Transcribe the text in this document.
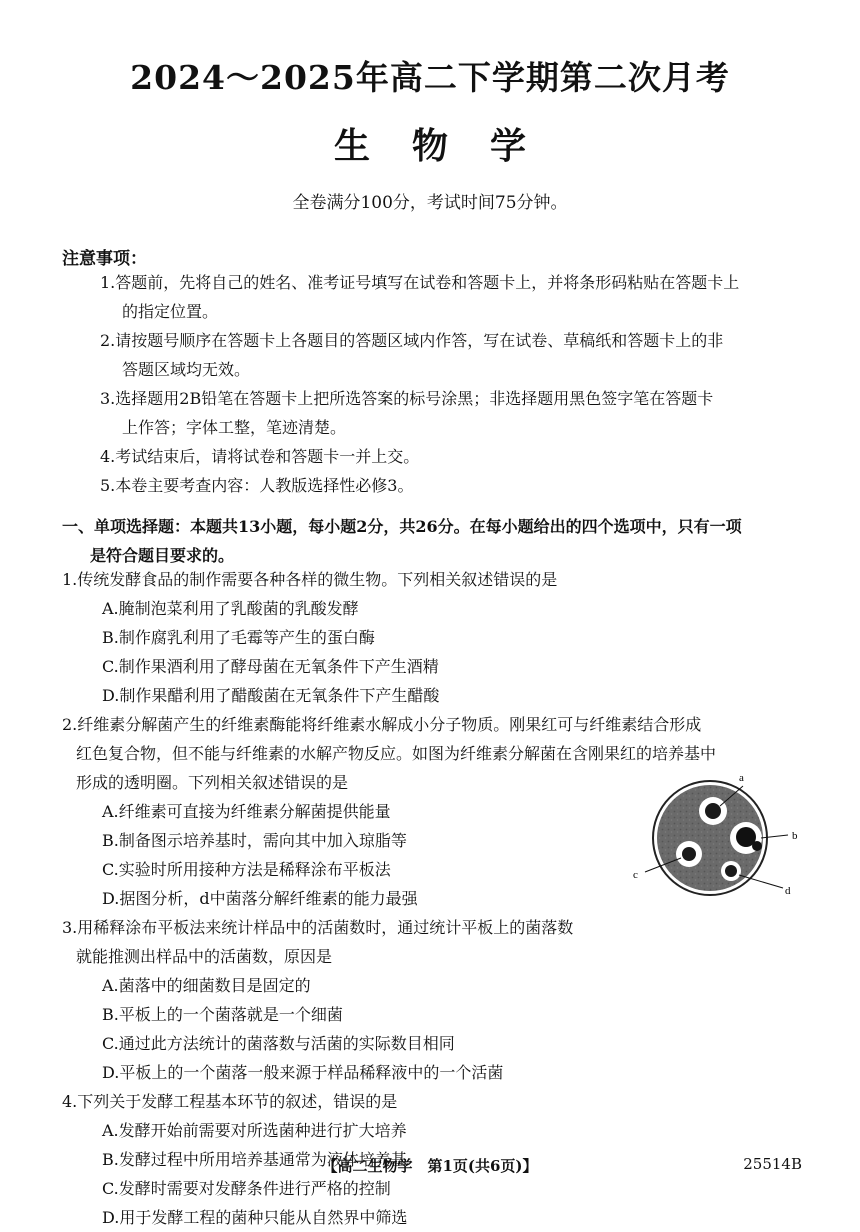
2024～2025年高二下学期第二次月考
生物学
全卷满分100分，考试时间75分钟。
注意事项：
1.答题前，先将自己的姓名、准考证号填写在试卷和答题卡上，并将条形码粘贴在答题卡上
的指定位置。
2.请按题号顺序在答题卡上各题目的答题区域内作答，写在试卷、草稿纸和答题卡上的非
答题区域均无效。
3.选择题用2B铅笔在答题卡上把所选答案的标号涂黑；非选择题用黑色签字笔在答题卡
上作答；字体工整，笔迹清楚。
4.考试结束后，请将试卷和答题卡一并上交。
5.本卷主要考查内容：人教版选择性必修3。
一、单项选择题：本题共13小题，每小题2分，共26分。在每小题给出的四个选项中，只有一项
是符合题目要求的。
1.传统发酵食品的制作需要各种各样的微生物。下列相关叙述错误的是
A.腌制泡菜利用了乳酸菌的乳酸发酵
B.制作腐乳利用了毛霉等产生的蛋白酶
C.制作果酒利用了酵母菌在无氧条件下产生酒精
D.制作果醋利用了醋酸菌在无氧条件下产生醋酸
2.纤维素分解菌产生的纤维素酶能将纤维素水解成小分子物质。刚果红可与纤维素结合形成
红色复合物，但不能与纤维素的水解产物反应。如图为纤维素分解菌在含刚果红的培养基中
形成的透明圈。下列相关叙述错误的是
A.纤维素可直接为纤维素分解菌提供能量
B.制备图示培养基时，需向其中加入琼脂等
C.实验时所用接种方法是稀释涂布平板法
D.据图分析，d中菌落分解纤维素的能力最强
3.用稀释涂布平板法来统计样品中的活菌数时，通过统计平板上的菌落数
就能推测出样品中的活菌数，原因是
A.菌落中的细菌数目是固定的
B.平板上的一个菌落就是一个细菌
C.通过此方法统计的菌落数与活菌的实际数目相同
D.平板上的一个菌落一般来源于样品稀释液中的一个活菌
4.下列关于发酵工程基本环节的叙述，错误的是
A.发酵开始前需要对所选菌种进行扩大培养
B.发酵过程中所用培养基通常为液体培养基
C.发酵时需要对发酵条件进行严格的控制
D.用于发酵工程的菌种只能从自然界中筛选
a
b
c
d
【高二生物学　第1页(共6页)】	25514B
